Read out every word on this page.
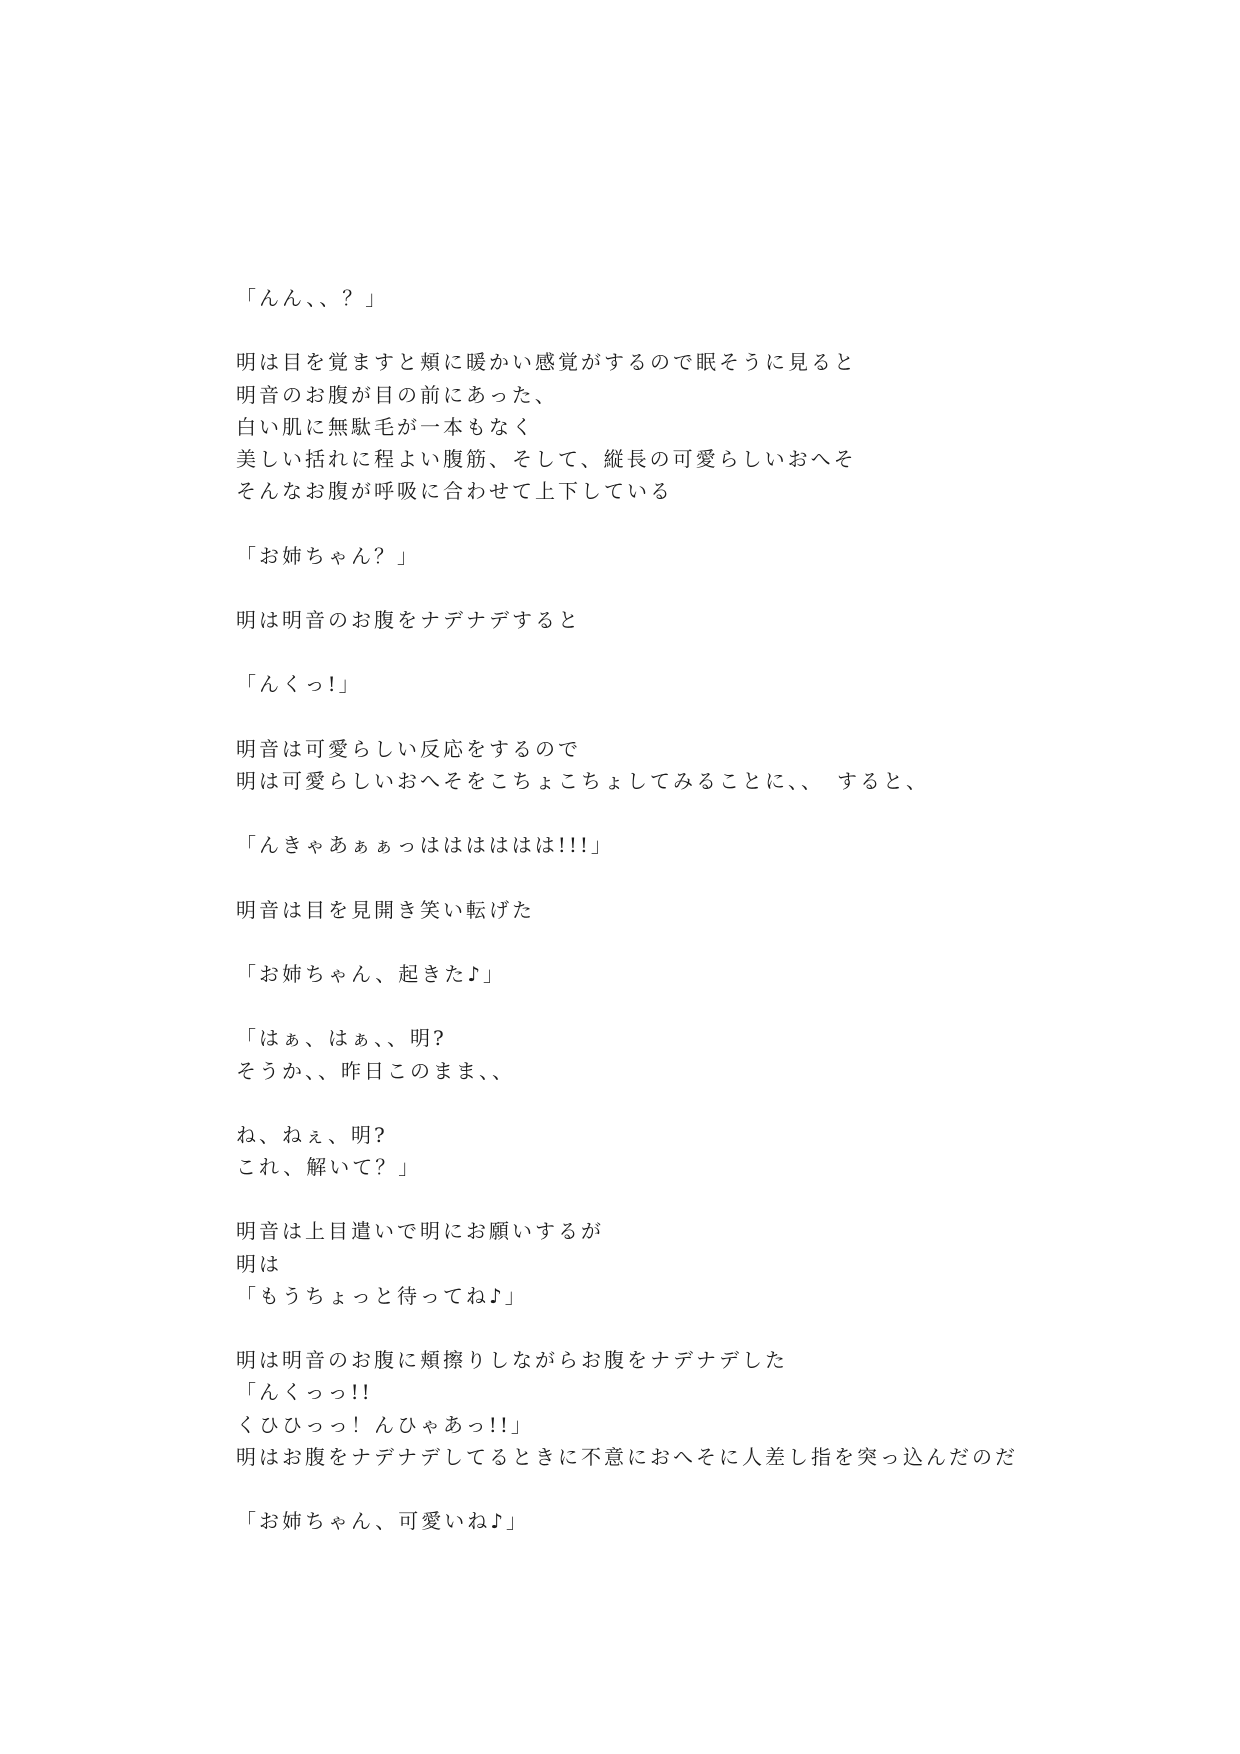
「んん、、？」
明は目を覚ますと頬に暖かい感覚がするので眠そうに見ると
明音のお腹が目の前にあった、
白い肌に無駄毛が一本もなく
美しい括れに程よい腹筋、そして、縦長の可愛らしいおへそ
そんなお腹が呼吸に合わせて上下している
「お姉ちゃん？」
明は明音のお腹をナデナデすると
「んくっ!」
明音は可愛らしい反応をするので
明は可愛らしいおへそをこちょこちょしてみることに、、　すると、
「んきゃあぁぁっはははははは!!!」
明音は目を見開き笑い転げた
「お姉ちゃん、起きた♪」
「はぁ、はぁ、、明?
そうか、、昨日このまま、、
ね、ねぇ、明?
これ、解いて？」
明音は上目遣いで明にお願いするが
明は
「もうちょっと待ってね♪」
明は明音のお腹に頬擦りしながらお腹をナデナデした
「んくっっ!!
くひひっっ！んひゃあっ!!」
明はお腹をナデナデしてるときに不意におへそに人差し指を突っ込んだのだ
「お姉ちゃん、可愛いね♪」
